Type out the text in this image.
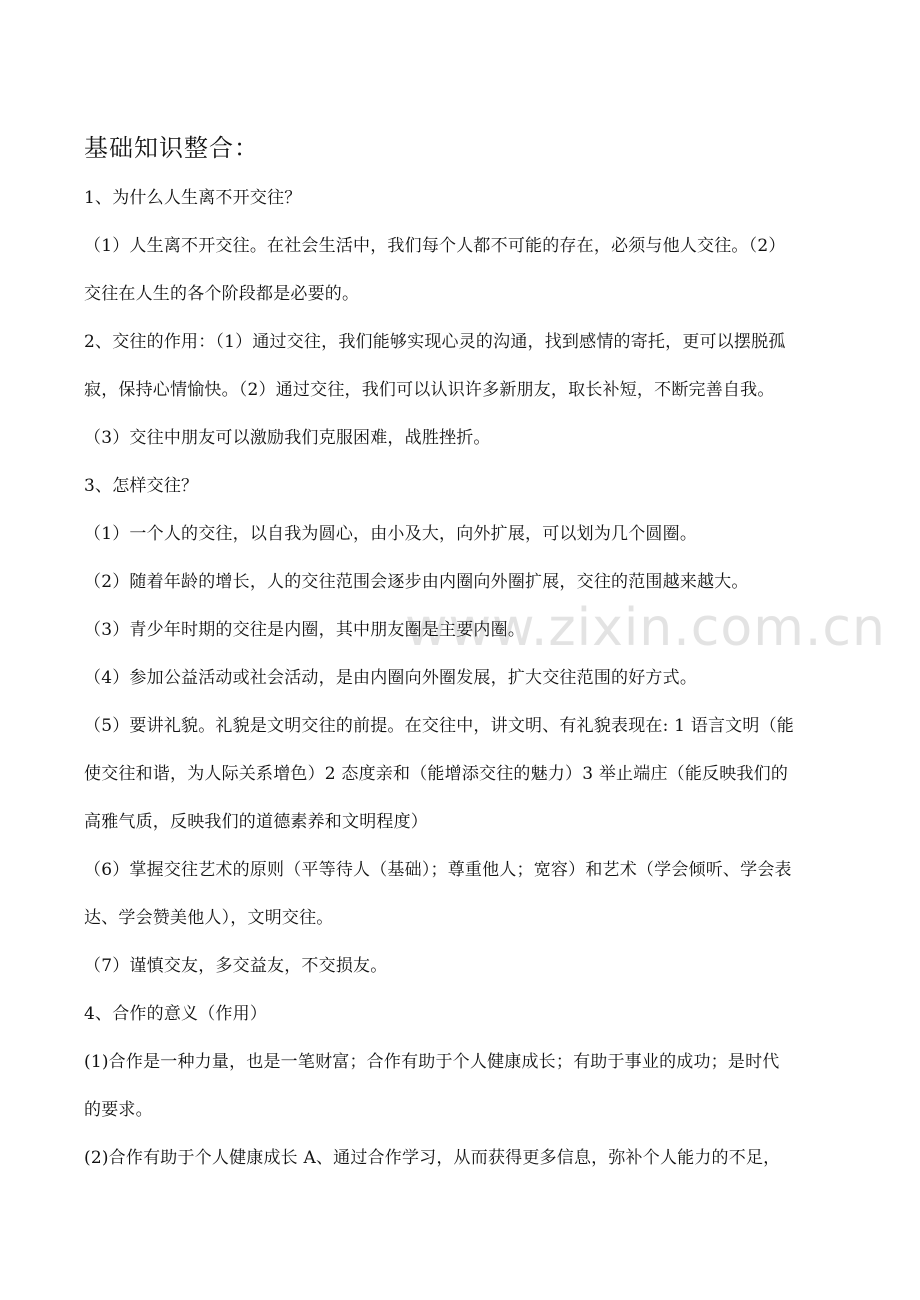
www.zixin.com.cn
基础知识整合：
1、为什么人生离不开交往？
（1）人生离不开交往。在社会生活中，我们每个人都不可能的存在，必须与他人交往。（2）
交往在人生的各个阶段都是必要的。
2、交往的作用：（1）通过交往，我们能够实现心灵的沟通，找到感情的寄托，更可以摆脱孤
寂，保持心情愉快。（2）通过交往，我们可以认识许多新朋友，取长补短，不断完善自我。
（3）交往中朋友可以激励我们克服困难，战胜挫折。
3、怎样交往？
（1）一个人的交往，以自我为圆心，由小及大，向外扩展，可以划为几个圆圈。
（2）随着年龄的增长，人的交往范围会逐步由内圈向外圈扩展，交往的范围越来越大。
（3）青少年时期的交往是内圈，其中朋友圈是主要内圈。
（4）参加公益活动或社会活动，是由内圈向外圈发展，扩大交往范围的好方式。
（5）要讲礼貌。礼貌是文明交往的前提。在交往中，讲文明、有礼貌表现在: 1 语言文明（能
使交往和谐，为人际关系增色）2 态度亲和（能增添交往的魅力）3 举止端庄（能反映我们的
高雅气质，反映我们的道德素养和文明程度）
（6）掌握交往艺术的原则（平等待人（基础）；尊重他人；宽容）和艺术（学会倾听、学会表
达、学会赞美他人），文明交往。
（7）谨慎交友，多交益友，不交损友。
4、合作的意义（作用）
(1)合作是一种力量，也是一笔财富；合作有助于个人健康成长；有助于事业的成功；是时代
的要求。
(2)合作有助于个人健康成长 A、通过合作学习，从而获得更多信息，弥补个人能力的不足，
